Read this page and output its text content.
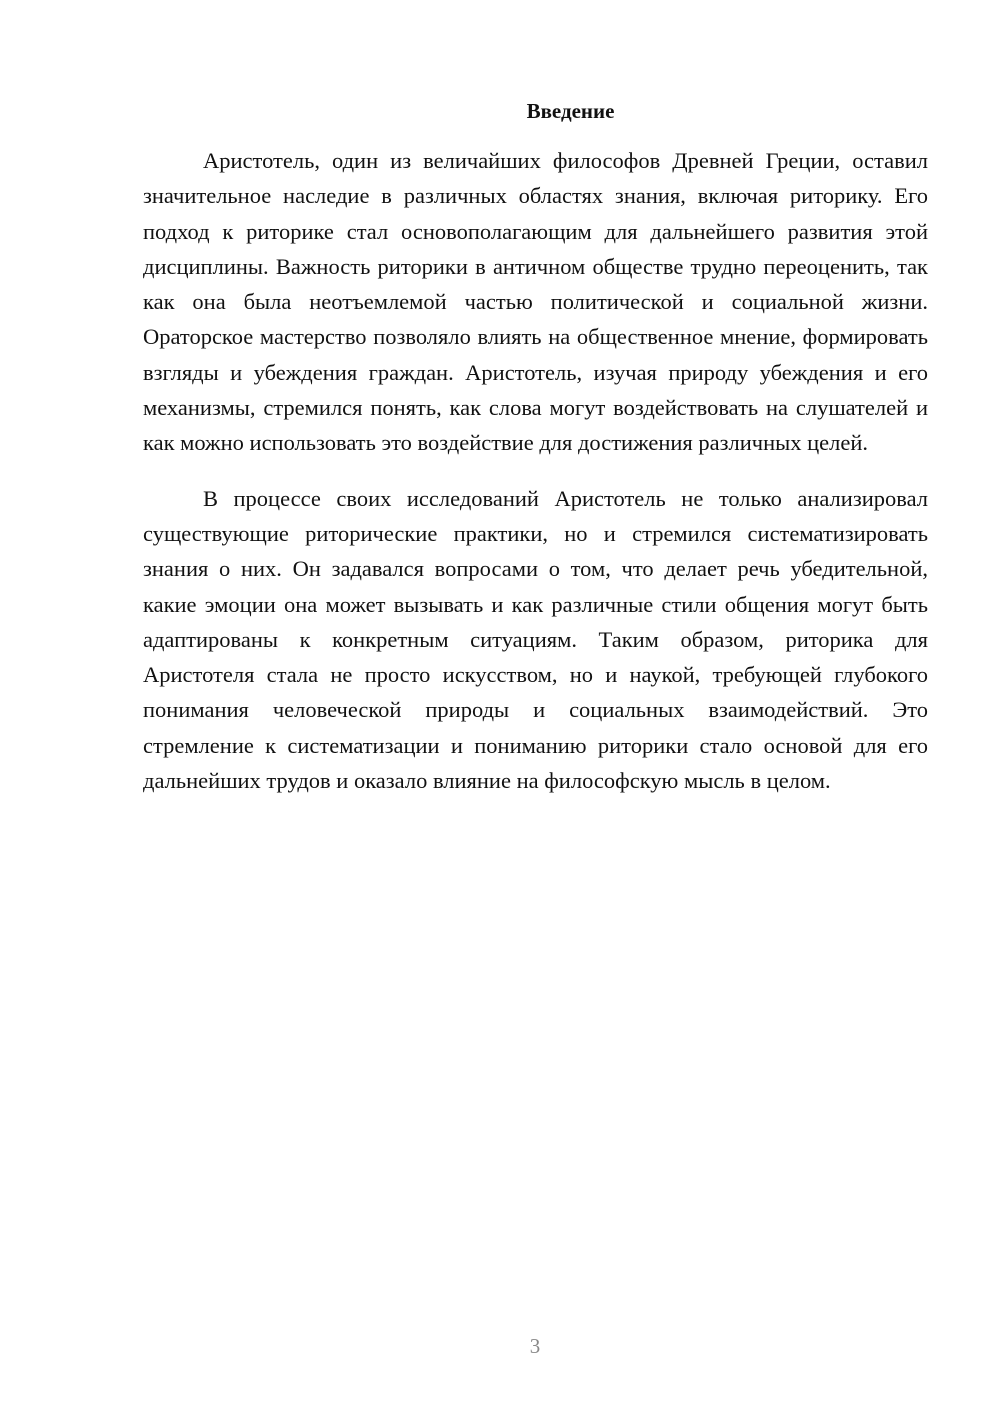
Введение

Аристотель, один из величайших философов Древней Греции, оставил значительное наследие в различных областях знания, включая риторику. Его подход к риторике стал основополагающим для дальнейшего развития этой дисциплины. Важность риторики в античном обществе трудно переоценить, так как она была неотъемлемой частью политической и социальной жизни. Ораторское мастерство позволяло влиять на общественное мнение, формировать взгляды и убеждения граждан. Аристотель, изучая природу убеждения и его механизмы, стремился понять, как слова могут воздействовать на слушателей и как можно использовать это воздействие для достижения различных целей.

В процессе своих исследований Аристотель не только анализировал существующие риторические практики, но и стремился систематизировать знания о них. Он задавался вопросами о том, что делает речь убедительной, какие эмоции она может вызывать и как различные стили общения могут быть адаптированы к конкретным ситуациям. Таким образом, риторика для Аристотеля стала не просто искусством, но и наукой, требующей глубокого понимания человеческой природы и социальных взаимодействий. Это стремление к систематизации и пониманию риторики стало основой для его дальнейших трудов и оказало влияние на философскую мысль в целом.

3
